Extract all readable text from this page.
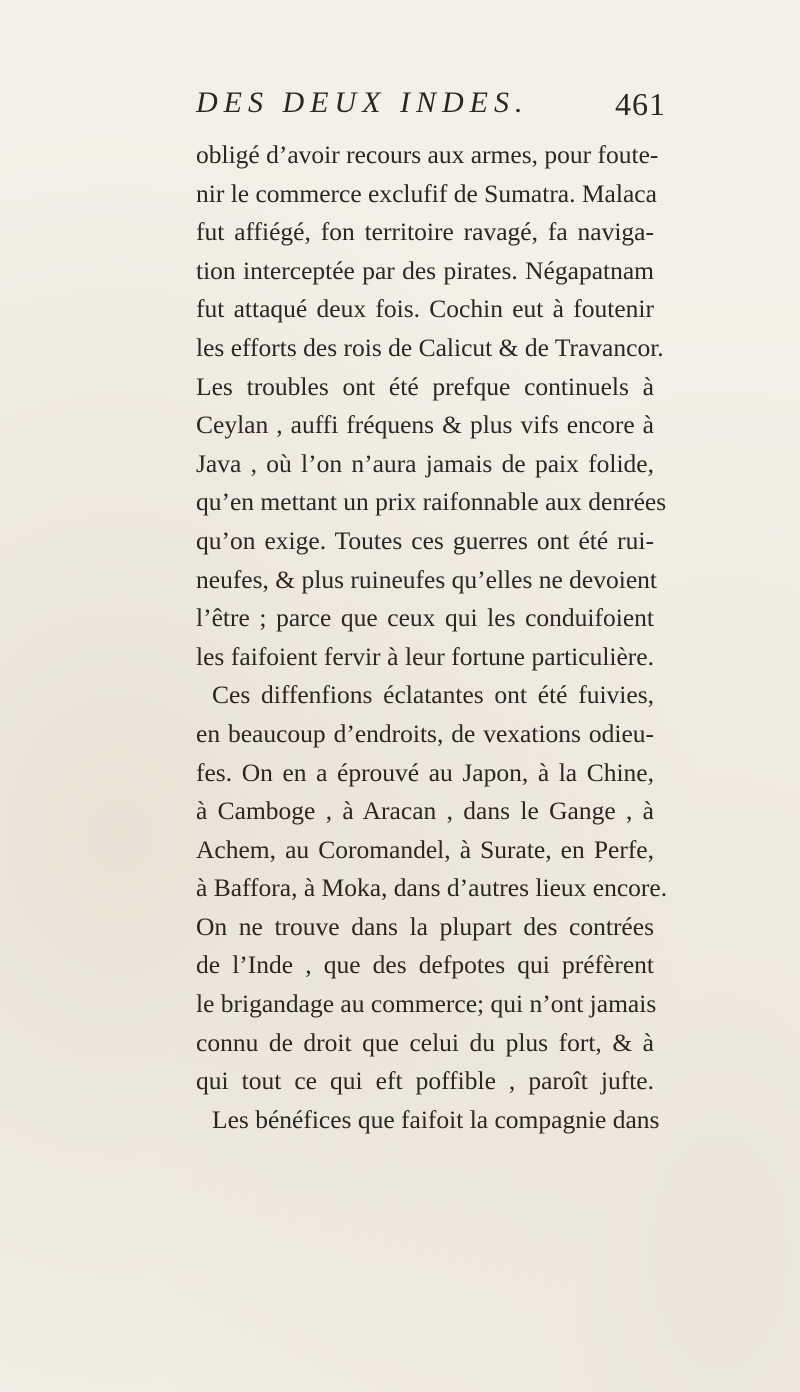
DES DEUX INDES.	461
obligé d’avoir recours aux armes, pour foute-
nir le commerce exclufif de Sumatra. Malaca
fut affiégé, fon territoire ravagé, fa naviga-
tion interceptée par des pirates. Négapatnam
fut attaqué deux fois. Cochin eut à foutenir
les efforts des rois de Calicut & de Travancor.
Les troubles ont été prefque continuels à
Ceylan , auffi fréquens & plus vifs encore à
Java , où l’on n’aura jamais de paix folide,
qu’en mettant un prix raifonnable aux denrées
qu’on exige. Toutes ces guerres ont été rui-
neufes, & plus ruineufes qu’elles ne devoient
l’être ; parce que ceux qui les conduifoient
les faifoient fervir à leur fortune particulière.
Ces diffenfions éclatantes ont été fuivies,
en beaucoup d’endroits, de vexations odieu-
fes. On en a éprouvé au Japon, à la Chine,
à Camboge , à Aracan , dans le Gange , à
Achem, au Coromandel, à Surate, en Perfe,
à Baffora, à Moka, dans d’autres lieux encore.
On ne trouve dans la plupart des contrées
de l’Inde , que des defpotes qui préfèrent
le brigandage au commerce; qui n’ont jamais
connu de droit que celui du plus fort, & à
qui tout ce qui eft poffible , paroît jufte.
Les bénéfices que faifoit la compagnie dans
